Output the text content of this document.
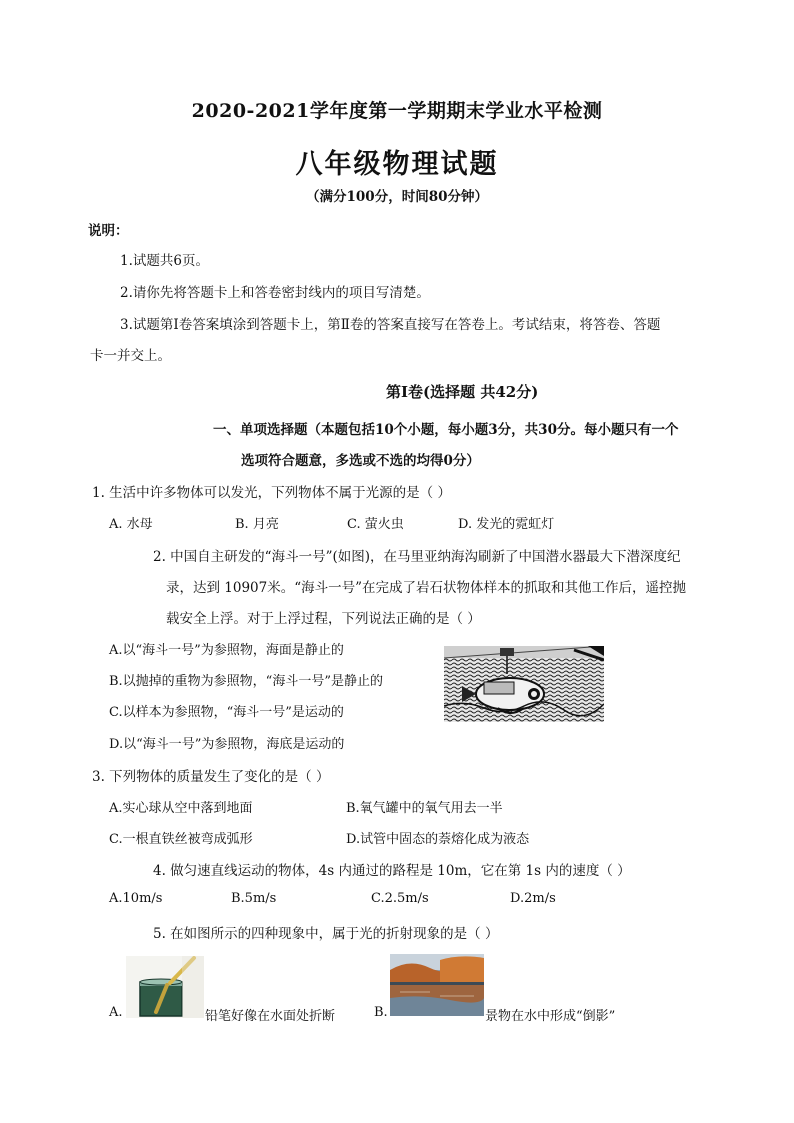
2020-2021学年度第一学期期末学业水平检测
八年级物理试题
（满分100分，时间80分钟）
说明：
1.试题共6页。
2.请你先将答题卡上和答卷密封线内的项目写清楚。
3.试题第Ⅰ卷答案填涂到答题卡上，第Ⅱ卷的答案直接写在答卷上。考试结束，将答卷、答题
卡一并交上。
第Ⅰ卷(选择题 共42分)
一、单项选择题（本题包括10个小题，每小题3分，共30分。每小题只有一个
选项符合题意，多选或不选的均得0分）
1. 生活中许多物体可以发光，下列物体不属于光源的是（ ）
A. 水母	B. 月亮	C. 萤火虫	D. 发光的霓虹灯
2. 中国自主研发的“海斗一号”(如图)，在马里亚纳海沟刷新了中国潜水器最大下潜深度纪
录，达到 10907米。“海斗一号”在完成了岩石状物体样本的抓取和其他工作后，遥控抛
载安全上浮。对于上浮过程，下列说法正确的是（ ）
A.以“海斗一号”为参照物，海面是静止的
B.以抛掉的重物为参照物，“海斗一号”是静止的
C.以样本为参照物，“海斗一号”是运动的
D.以“海斗一号”为参照物，海底是运动的
3. 下列物体的质量发生了变化的是（ ）
A.实心球从空中落到地面	B.氧气罐中的氧气用去一半
C.一根直铁丝被弯成弧形	D.试管中固态的萘熔化成为液态
4. 做匀速直线运动的物体，4s 内通过的路程是 10m，它在第 1s 内的速度（ ）
A.10m/s	B.5m/s	C.2.5m/s	D.2m/s
5. 在如图所示的四种现象中，属于光的折射现象的是（ ）
A.	铅笔好像在水面处折断	B.	景物在水中形成“倒影”
